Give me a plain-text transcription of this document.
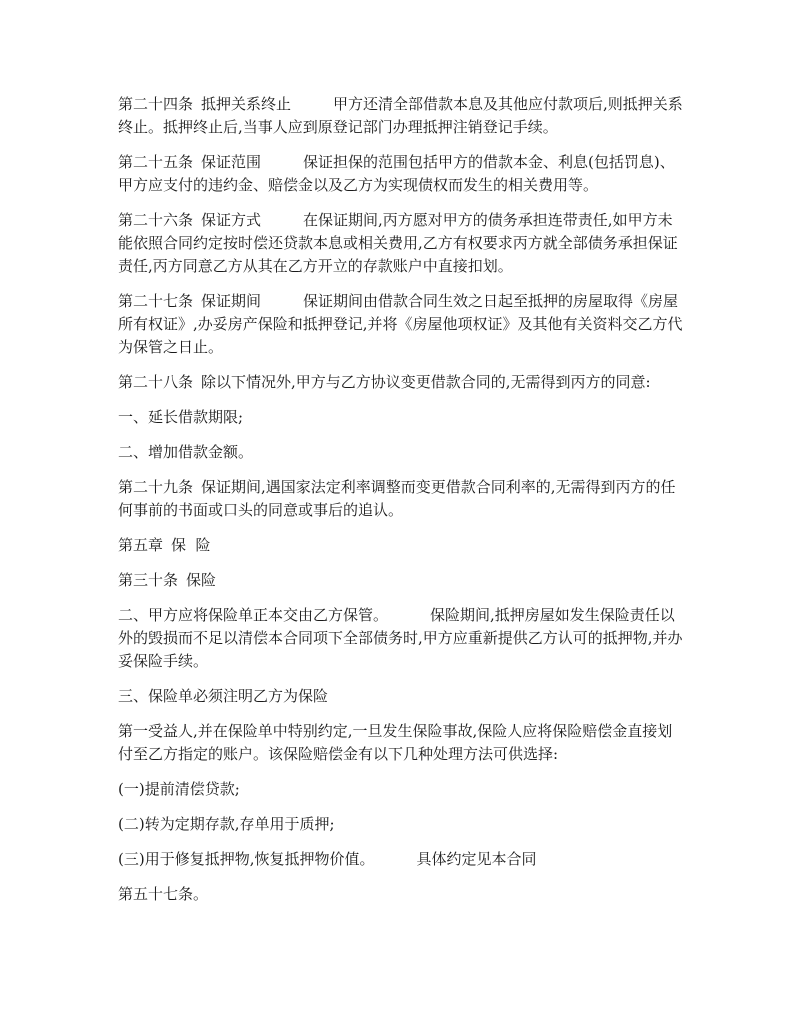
第二十四条 抵押关系终止	甲方还清全部借款本息及其他应付款项后,则抵押关系终止。抵押终止后,当事人应到原登记部门办理抵押注销登记手续。

第二十五条 保证范围	保证担保的范围包括甲方的借款本金、利息(包括罚息)、甲方应支付的违约金、赔偿金以及乙方为实现债权而发生的相关费用等。

第二十六条 保证方式	在保证期间,丙方愿对甲方的债务承担连带责任,如甲方未能依照合同约定按时偿还贷款本息或相关费用,乙方有权要求丙方就全部债务承担保证责任,丙方同意乙方从其在乙方开立的存款账户中直接扣划。

第二十七条 保证期间	保证期间由借款合同生效之日起至抵押的房屋取得《房屋所有权证》,办妥房产保险和抵押登记,并将《房屋他项权证》及其他有关资料交乙方代为保管之日止。

第二十八条 除以下情况外,甲方与乙方协议变更借款合同的,无需得到丙方的同意:

一、延长借款期限;

二、增加借款金额。

第二十九条 保证期间,遇国家法定利率调整而变更借款合同利率的,无需得到丙方的任何事前的书面或口头的同意或事后的追认。

第五章 保  险

第三十条 保险

二、甲方应将保险单正本交由乙方保管。	保险期间,抵押房屋如发生保险责任以外的毁损而不足以清偿本合同项下全部债务时,甲方应重新提供乙方认可的抵押物,并办妥保险手续。

三、保险单必须注明乙方为保险

第一受益人,并在保险单中特别约定,一旦发生保险事故,保险人应将保险赔偿金直接划付至乙方指定的账户。该保险赔偿金有以下几种处理方法可供选择:

(一)提前清偿贷款;

(二)转为定期存款,存单用于质押;

(三)用于修复抵押物,恢复抵押物价值。	具体约定见本合同

第五十七条。
